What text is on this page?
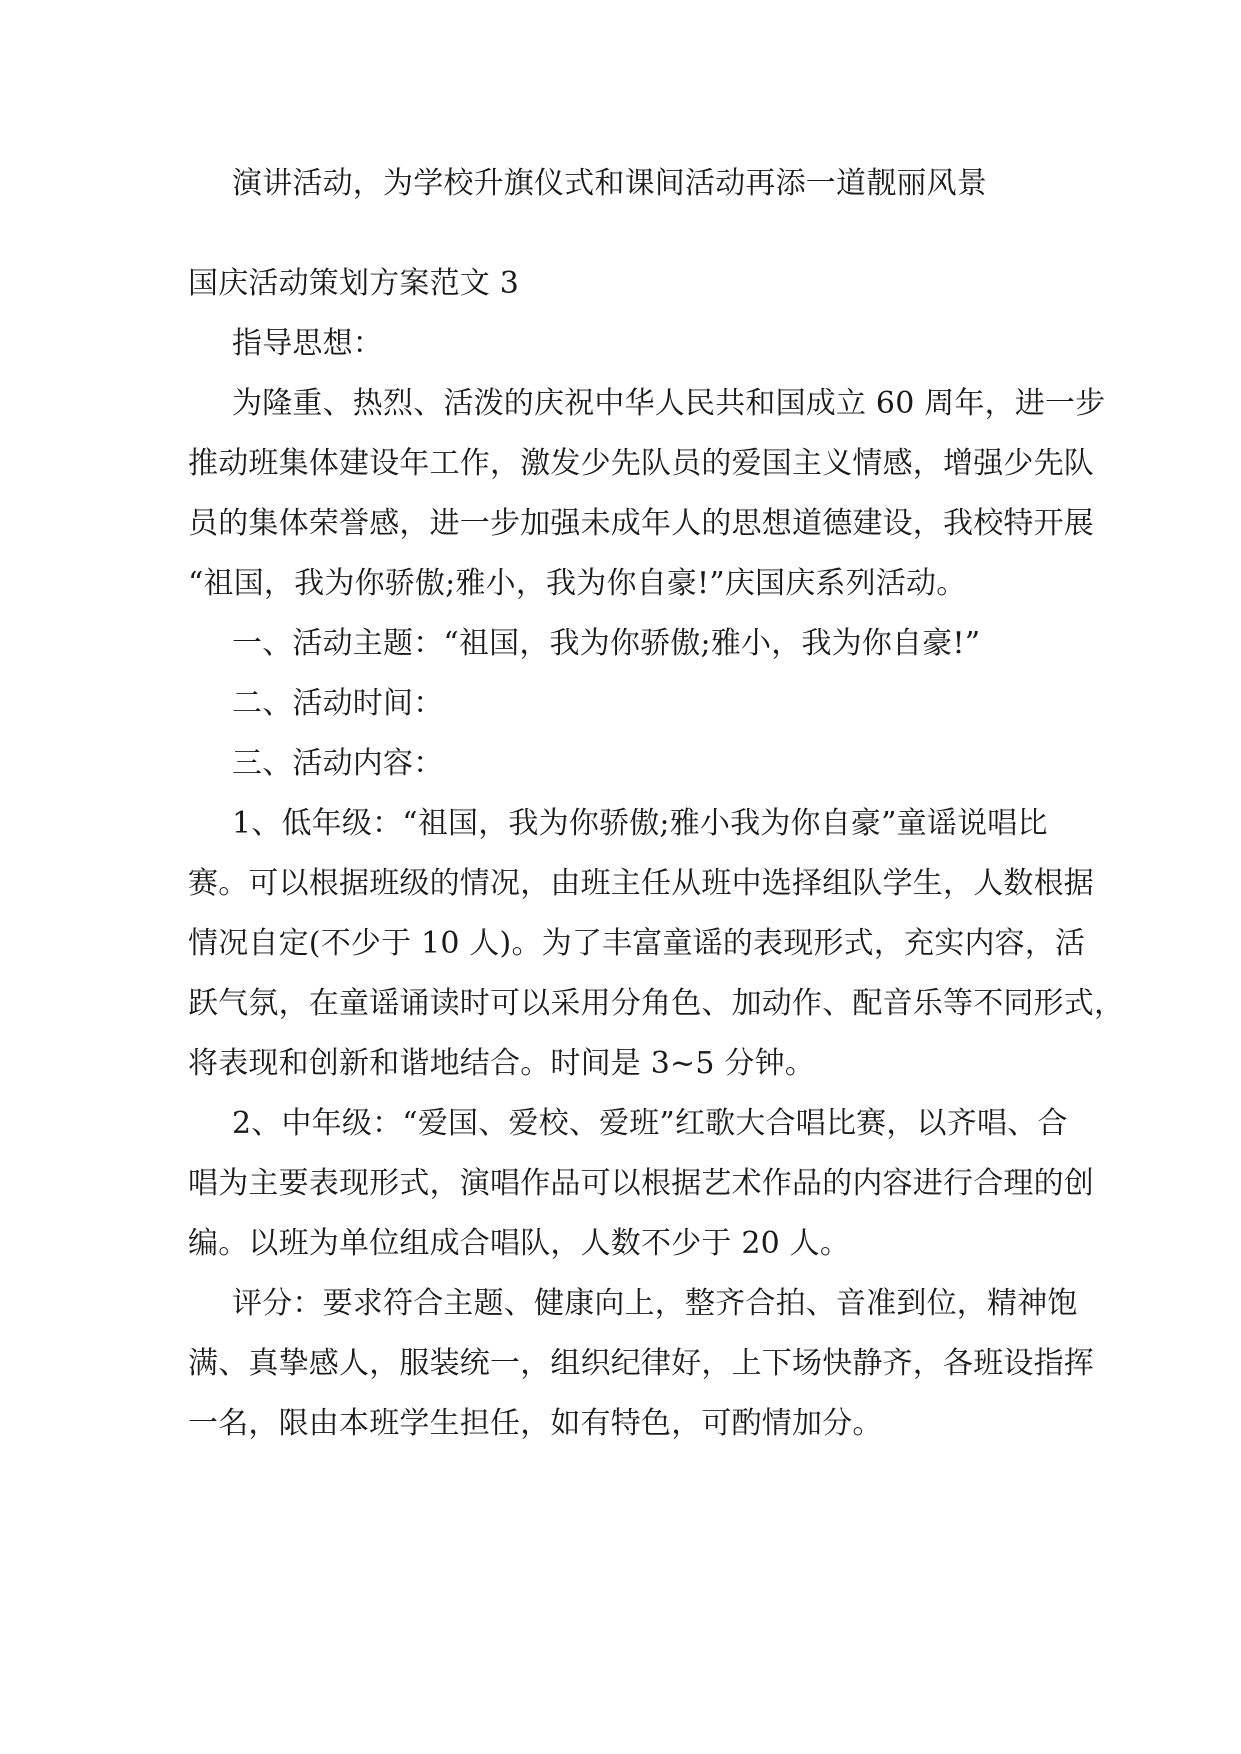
演讲活动，为学校升旗仪式和课间活动再添一道靓丽风景
国庆活动策划方案范文 3
指导思想：
为隆重、热烈、活泼的庆祝中华人民共和国成立 60 周年，进一步
推动班集体建设年工作，激发少先队员的爱国主义情感，增强少先队
员的集体荣誉感，进一步加强未成年人的思想道德建设，我校特开展
“祖国，我为你骄傲;雅小，我为你自豪!”庆国庆系列活动。
一、活动主题：“祖国，我为你骄傲;雅小，我为你自豪!”
二、活动时间：
三、活动内容：
1、低年级：“祖国，我为你骄傲;雅小我为你自豪”童谣说唱比
赛。可以根据班级的情况，由班主任从班中选择组队学生，人数根据
情况自定(不少于 10 人)。为了丰富童谣的表现形式，充实内容，活
跃气氛，在童谣诵读时可以采用分角色、加动作、配音乐等不同形式，
将表现和创新和谐地结合。时间是 3~5 分钟。
2、中年级：“爱国、爱校、爱班”红歌大合唱比赛，以齐唱、合
唱为主要表现形式，演唱作品可以根据艺术作品的内容进行合理的创
编。以班为单位组成合唱队，人数不少于 20 人。
评分：要求符合主题、健康向上，整齐合拍、音准到位，精神饱
满、真挚感人，服装统一，组织纪律好，上下场快静齐，各班设指挥
一名，限由本班学生担任，如有特色，可酌情加分。
